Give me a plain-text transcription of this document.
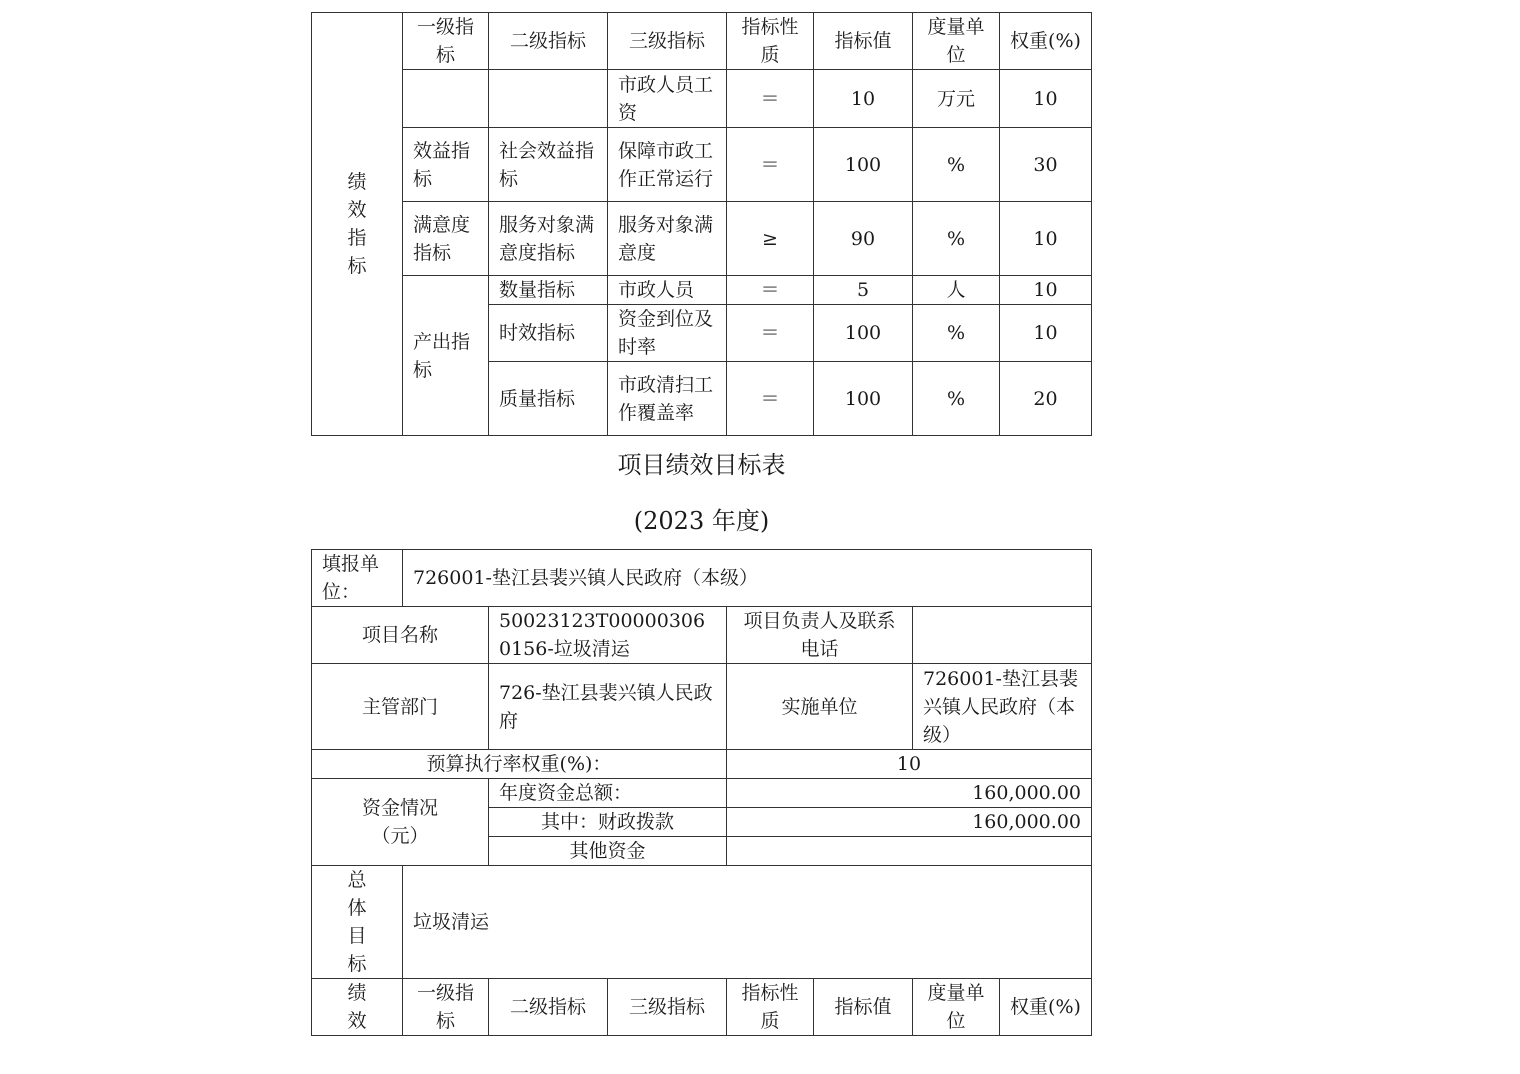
绩效指标	一级指标	二级指标	三级指标	指标性质	指标值	度量单位	权重(%)
			市政人员工资	＝	10	万元	10
	效益指标	社会效益指标	保障市政工作正常运行	＝	100	%	30
	满意度指标	服务对象满意度指标	服务对象满意度	≥	90	%	10
	产出指标	数量指标	市政人员	＝	5	人	10
		时效指标	资金到位及时率	＝	100	%	10
		质量指标	市政清扫工作覆盖率	＝	100	%	20
项目绩效目标表
(2023 年度)
填报单位：	726001-垫江县裴兴镇人民政府（本级）						
项目名称		50023123T000003060156-垃圾清运		项目负责人及联系电话			
主管部门		726-垫江县裴兴镇人民政府		实施单位		726001-垫江县裴兴镇人民政府（本级）	
预算执行率权重(%)：				10			
资金情况（元）		年度资金总额：		160,000.00			
		其中：财政拨款		160,000.00			
		其他资金					
总体目标	垃圾清运						
绩效	一级指标	二级指标	三级指标	指标性质	指标值	度量单位	权重(%)
